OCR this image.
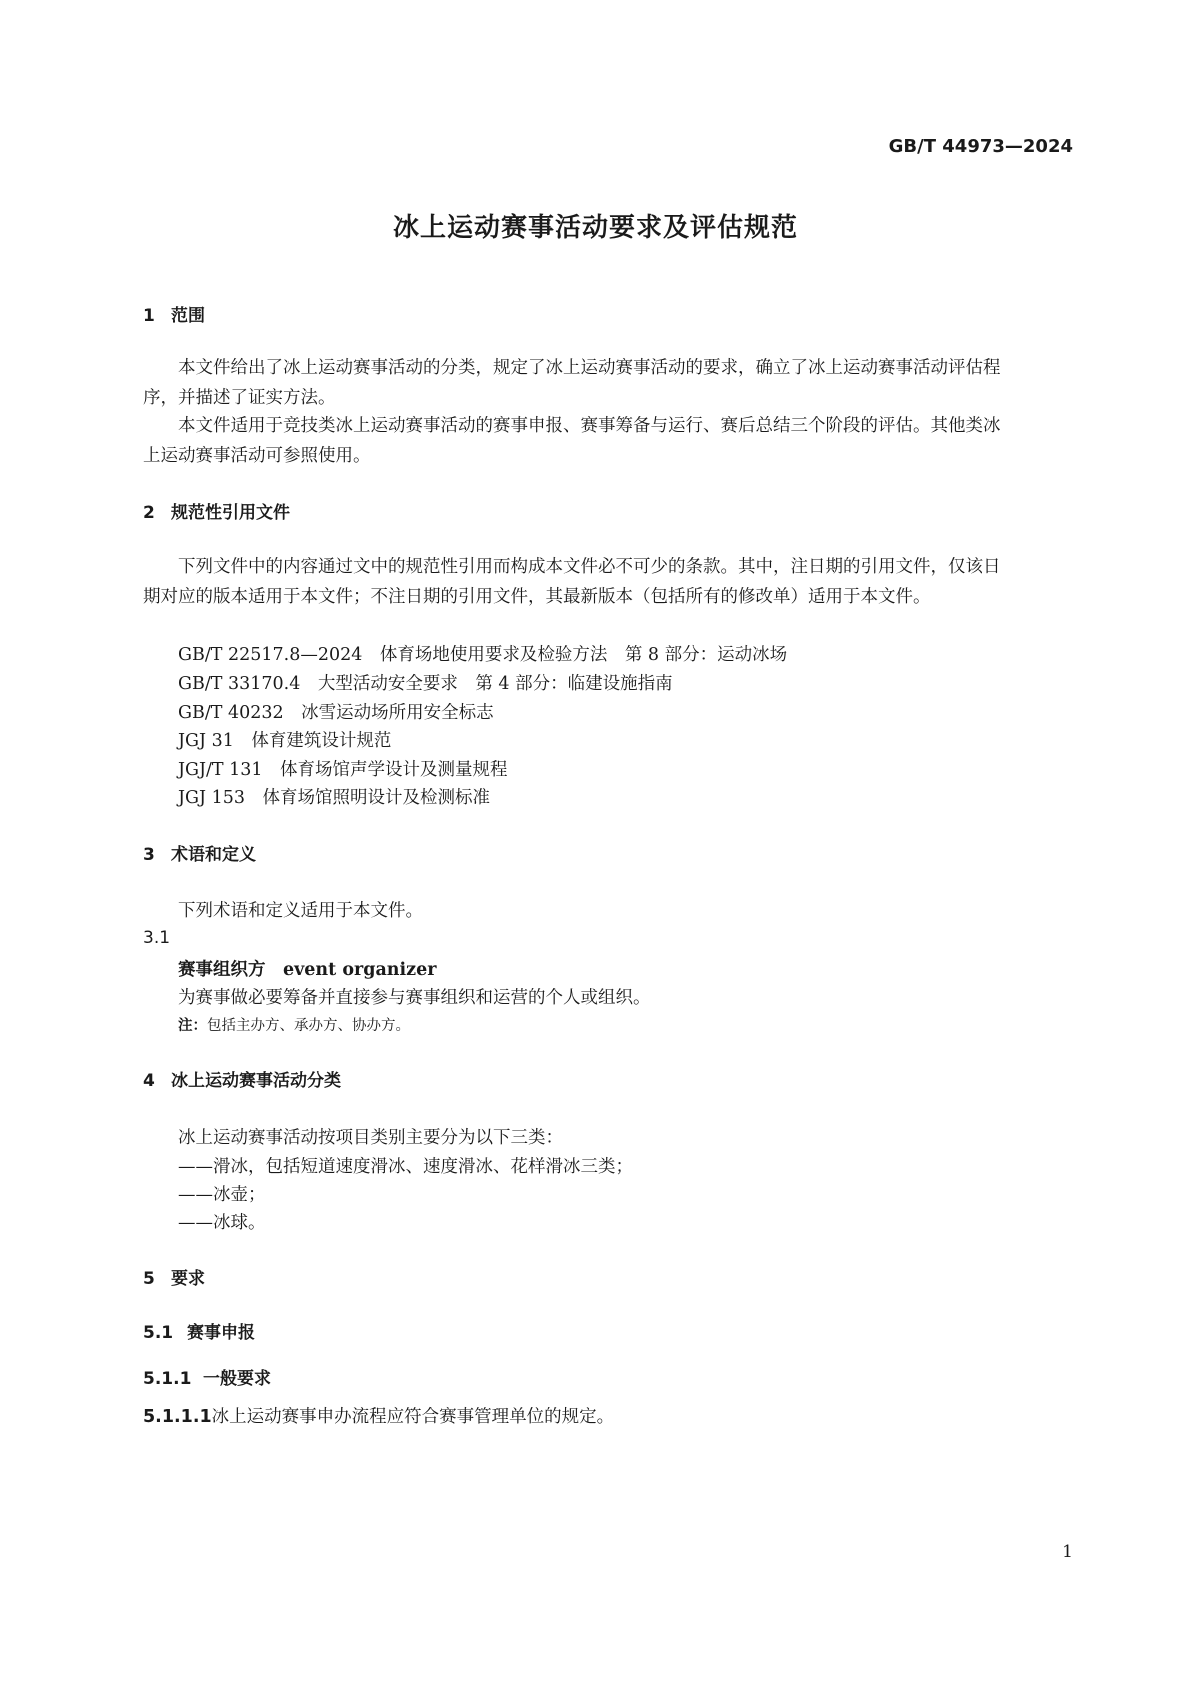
GB/T 44973—2024
冰上运动赛事活动要求及评估规范
1 范围
本文件给出了冰上运动赛事活动的分类，规定了冰上运动赛事活动的要求，确立了冰上运动赛事活动评估程序，并描述了证实方法。
本文件适用于竞技类冰上运动赛事活动的赛事申报、赛事筹备与运行、赛后总结三个阶段的评估。其他类冰上运动赛事活动可参照使用。
2 规范性引用文件
下列文件中的内容通过文中的规范性引用而构成本文件必不可少的条款。其中，注日期的引用文件，仅该日期对应的版本适用于本文件；不注日期的引用文件，其最新版本（包括所有的修改单）适用于本文件。
GB/T 22517.8—2024　 体育场地使用要求及检验方法　第 8 部分：运动冰场
GB/T 33170.4　 大型活动安全要求　第 4 部分：临建设施指南
GB/T 40232　 冰雪运动场所用安全标志
JGJ 31　 体育建筑设计规范
JGJ/T 131　 体育场馆声学设计及测量规程
JGJ 153　 体育场馆照明设计及检测标准
3 术语和定义
下列术语和定义适用于本文件。
3.1
赛事组织方　 event organizer
为赛事做必要筹备并直接参与赛事组织和运营的个人或组织。
注：包括主办方、承办方、协办方。
4 冰上运动赛事活动分类
冰上运动赛事活动按项目类别主要分为以下三类：
——滑冰，包括短道速度滑冰、速度滑冰、花样滑冰三类；
——冰壶；
——冰球。
5 要求
5.1 赛事申报
5.1.1 一般要求
5.1.1.1冰上运动赛事申办流程应符合赛事管理单位的规定。
1
